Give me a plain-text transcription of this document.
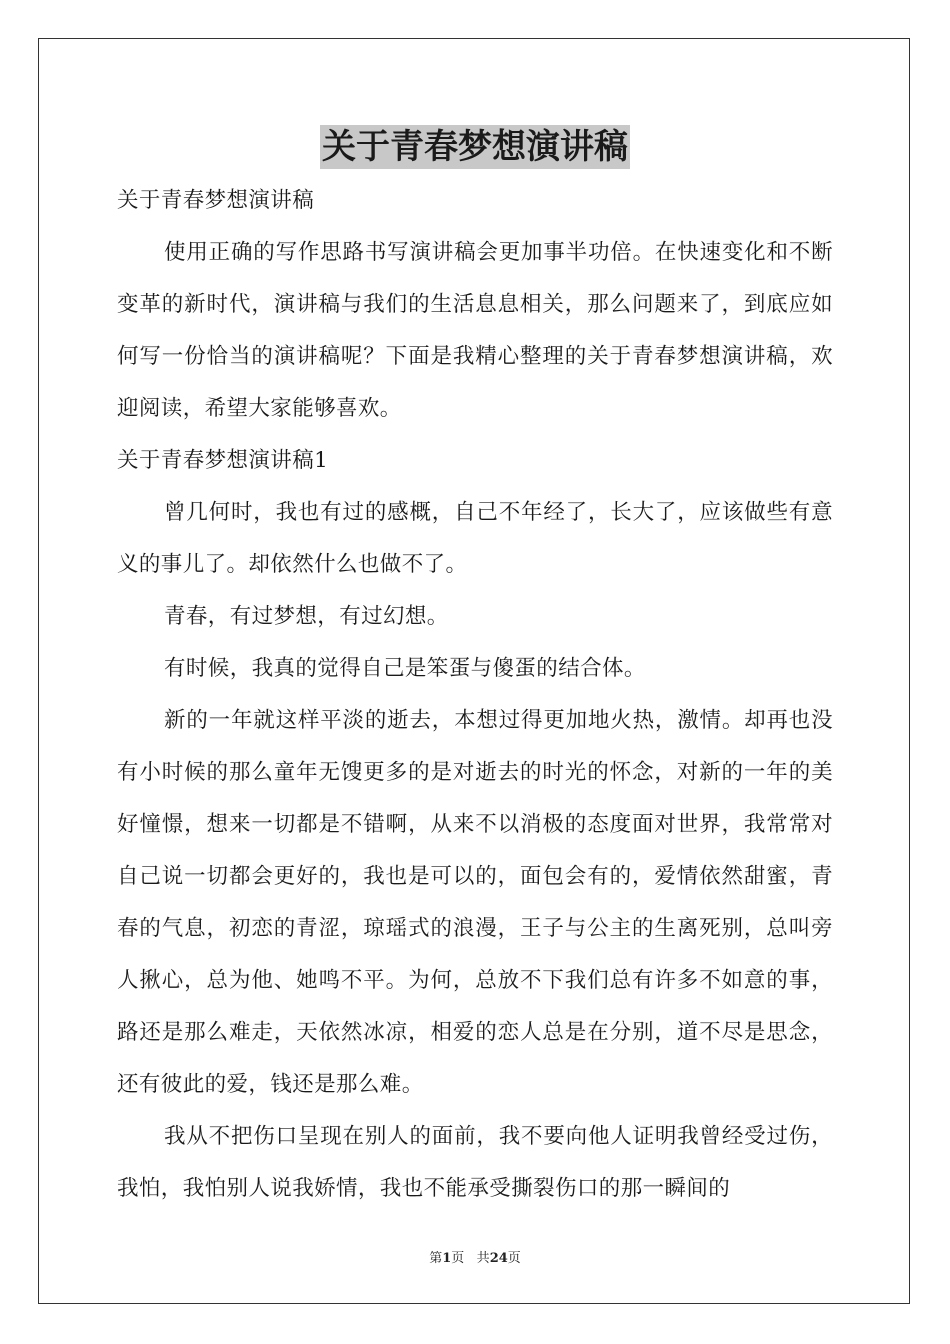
关于青春梦想演讲稿
关于青春梦想演讲稿

使用正确的写作思路书写演讲稿会更加事半功倍。在快速变化和不断变革的新时代，演讲稿与我们的生活息息相关，那么问题来了，到底应如何写一份恰当的演讲稿呢？下面是我精心整理的关于青春梦想演讲稿，欢迎阅读，希望大家能够喜欢。

关于青春梦想演讲稿1

曾几何时，我也有过的感概，自己不年经了，长大了，应该做些有意义的事儿了。却依然什么也做不了。

青春，有过梦想，有过幻想。

有时候，我真的觉得自己是笨蛋与傻蛋的结合体。

新的一年就这样平淡的逝去，本想过得更加地火热，激情。却再也没有小时候的那么童年无馊更多的是对逝去的时光的怀念，对新的一年的美好憧憬，想来一切都是不错啊，从来不以消极的态度面对世界，我常常对自己说一切都会更好的，我也是可以的，面包会有的，爱情依然甜蜜，青春的气息，初恋的青涩，琼瑶式的浪漫，王子与公主的生离死别，总叫旁人揪心，总为他、她鸣不平。为何，总放不下我们总有许多不如意的事，路还是那么难走，天依然冰凉，相爱的恋人总是在分别，道不尽是思念，还有彼此的爱，钱还是那么难。

我从不把伤口呈现在别人的面前，我不要向他人证明我曾经受过伤，我怕，我怕别人说我娇情，我也不能承受撕裂伤口的那一瞬间的

第1页 共24页
